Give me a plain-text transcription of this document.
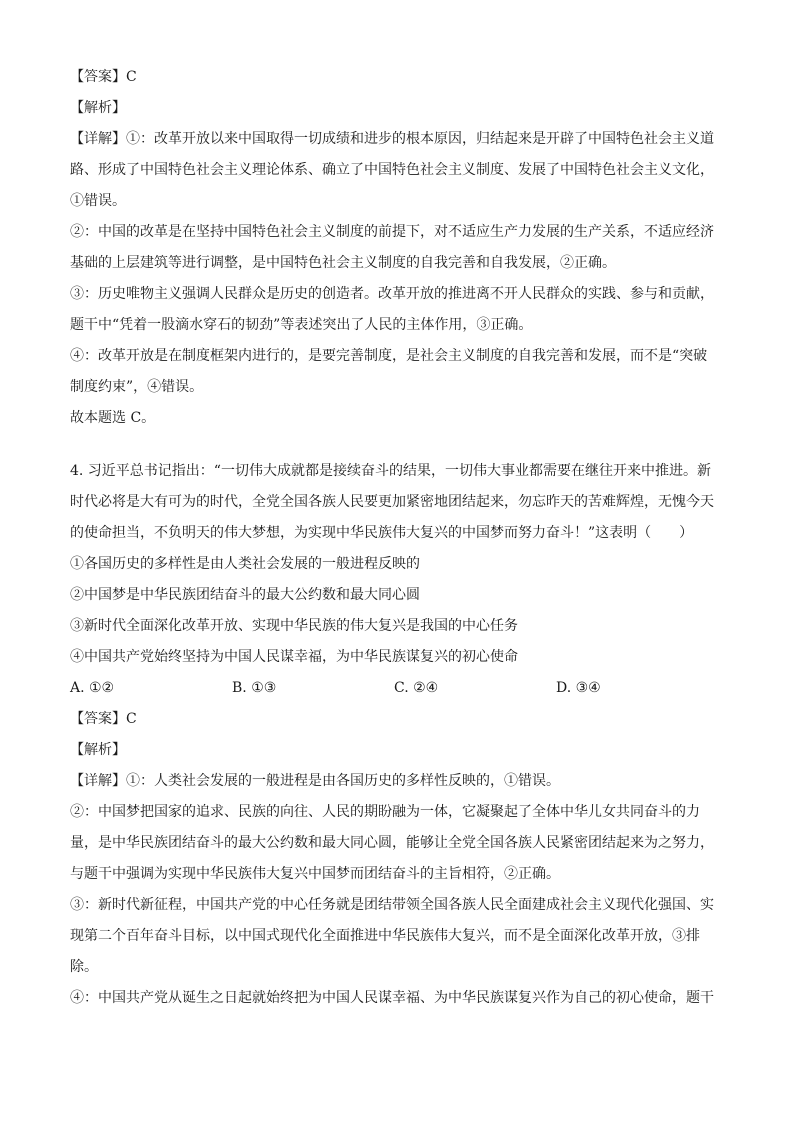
【答案】C
【解析】
【详解】①：改革开放以来中国取得一切成绩和进步的根本原因，归结起来是开辟了中国特色社会主义道
路、形成了中国特色社会主义理论体系、确立了中国特色社会主义制度、发展了中国特色社会主义文化，
①错误。
②：中国的改革是在坚持中国特色社会主义制度的前提下，对不适应生产力发展的生产关系，不适应经济
基础的上层建筑等进行调整，是中国特色社会主义制度的自我完善和自我发展，②正确。
③：历史唯物主义强调人民群众是历史的创造者。改革开放的推进离不开人民群众的实践、参与和贡献，
题干中“凭着一股滴水穿石的韧劲”等表述突出了人民的主体作用，③正确。
④：改革开放是在制度框架内进行的，是要完善制度，是社会主义制度的自我完善和发展，而不是“突破
制度约束”，④错误。
故本题选 C。
4. 习近平总书记指出：“一切伟大成就都是接续奋斗的结果，一切伟大事业都需要在继往开来中推进。新
时代必将是大有可为的时代，全党全国各族人民要更加紧密地团结起来，勿忘昨天的苦难辉煌，无愧今天
的使命担当，不负明天的伟大梦想，为实现中华民族伟大复兴的中国梦而努力奋斗！”这表明（　　）
①各国历史的多样性是由人类社会发展的一般进程反映的
②中国梦是中华民族团结奋斗的最大公约数和最大同心圆
③新时代全面深化改革开放、实现中华民族的伟大复兴是我国的中心任务
④中国共产党始终坚持为中国人民谋幸福，为中华民族谋复兴的初心使命
A. ①②	B. ①③	C. ②④	D. ③④
【答案】C
【解析】
【详解】①：人类社会发展的一般进程是由各国历史的多样性反映的，①错误。
②：中国梦把国家的追求、民族的向往、人民的期盼融为一体，它凝聚起了全体中华儿女共同奋斗的力
量，是中华民族团结奋斗的最大公约数和最大同心圆，能够让全党全国各族人民紧密团结起来为之努力，
与题干中强调为实现中华民族伟大复兴中国梦而团结奋斗的主旨相符，②正确。
③：新时代新征程，中国共产党的中心任务就是团结带领全国各族人民全面建成社会主义现代化强国、实
现第二个百年奋斗目标，以中国式现代化全面推进中华民族伟大复兴，而不是全面深化改革开放，③排
除。
④：中国共产党从诞生之日起就始终把为中国人民谋幸福、为中华民族谋复兴作为自己的初心使命，题干
